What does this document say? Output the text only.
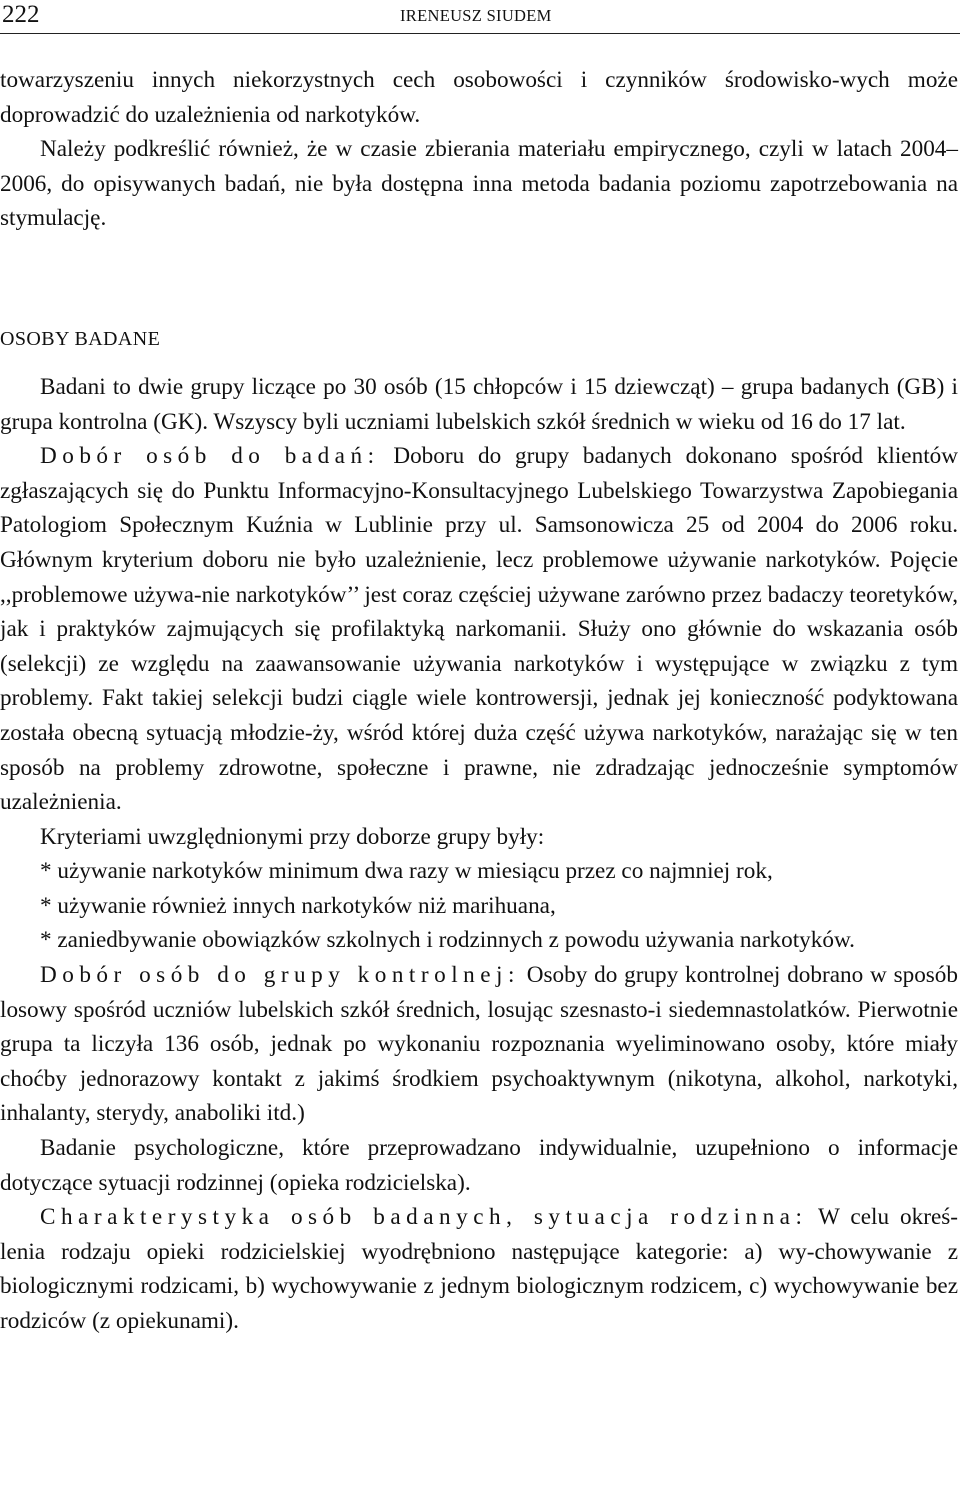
222	IRENEUSZ SIUDEM

towarzyszeniu innych niekorzystnych cech osobowości i czynników środowisko-wych może doprowadzić do uzależnienia od narkotyków.

Należy podkreślić również, że w czasie zbierania materiału empirycznego, czyli w latach 2004–2006, do opisywanych badań, nie była dostępna inna metoda badania poziomu zapotrzebowania na stymulację.

OSOBY BADANE

Badani to dwie grupy liczące po 30 osób (15 chłopców i 15 dziewcząt) – grupa badanych (GB) i grupa kontrolna (GK). Wszyscy byli uczniami lubelskich szkół średnich w wieku od 16 do 17 lat.

Dobór osób do badań: Doboru do grupy badanych dokonano spośród klientów zgłaszających się do Punktu Informacyjno-Konsultacyjnego Lubelskiego Towarzystwa Zapobiegania Patologiom Społecznym Kuźnia w Lublinie przy ul. Samsonowicza 25 od 2004 do 2006 roku. Głównym kryterium doboru nie było uzależnienie, lecz problemowe używanie narkotyków. Pojęcie ,,problemowe używa-nie narkotyków’’ jest coraz częściej używane zarówno przez badaczy teoretyków, jak i praktyków zajmujących się profilaktyką narkomanii. Służy ono głównie do wskazania osób (selekcji) ze względu na zaawansowanie używania narkotyków i występujące w związku z tym problemy. Fakt takiej selekcji budzi ciągle wiele kontrowersji, jednak jej konieczność podyktowana została obecną sytuacją młodzie-ży, wśród której duża część używa narkotyków, narażając się w ten sposób na problemy zdrowotne, społeczne i prawne, nie zdradzając jednocześnie symptomów uzależnienia.

Kryteriami uwzględnionymi przy doborze grupy były:

* używanie narkotyków minimum dwa razy w miesiącu przez co najmniej rok,

* używanie również innych narkotyków niż marihuana,

* zaniedbywanie obowiązków szkolnych i rodzinnych z powodu używania narkotyków.

Dobór osób do grupy kontrolnej: Osoby do grupy kontrolnej dobrano w sposób losowy spośród uczniów lubelskich szkół średnich, losując szesnasto-i siedemnastolatków. Pierwotnie grupa ta liczyła 136 osób, jednak po wykonaniu rozpoznania wyeliminowano osoby, które miały choćby jednorazowy kontakt z jakimś środkiem psychoaktywnym (nikotyna, alkohol, narkotyki, inhalanty, sterydy, anaboliki itd.)

Badanie psychologiczne, które przeprowadzano indywidualnie, uzupełniono o informacje dotyczące sytuacji rodzinnej (opieka rodzicielska).

Charakterystyka osób badanych, sytuacja rodzinna: W celu okreś-lenia rodzaju opieki rodzicielskiej wyodrębniono następujące kategorie: a) wy-chowywanie z biologicznymi rodzicami, b) wychowywanie z jednym biologicznym rodzicem, c) wychowywanie bez rodziców (z opiekunami).
